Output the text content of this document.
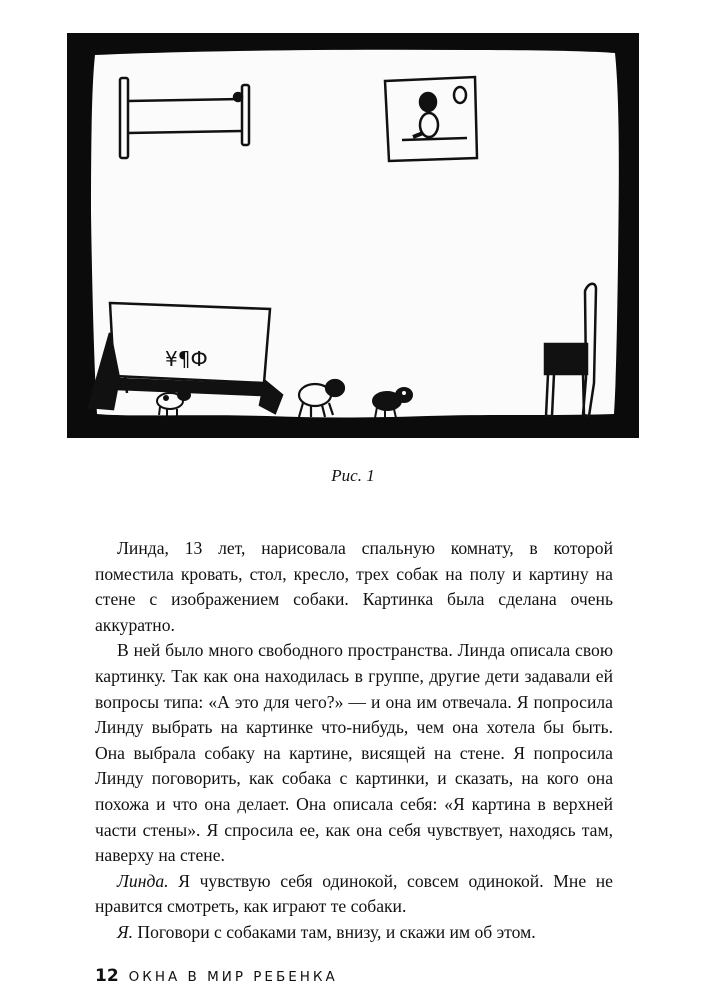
¥¶Ф
Рис. 1

Линда, 13 лет, нарисовала спальную комнату, в которой поместила кровать, стол, кресло, трех собак на полу и картину на стене с изображением собаки. Картинка была сделана очень аккуратно.

В ней было много свободного пространства. Линда описала свою картинку. Так как она находилась в группе, другие дети задавали ей вопросы типа: «А это для чего?» — и она им отвечала. Я попросила Линду выбрать на картинке что-нибудь, чем она хотела бы быть. Она выбрала собаку на картине, висящей на стене. Я попросила Линду поговорить, как собака с картинки, и сказать, на кого она похожа и что она делает. Она описала себя: «Я картина в верхней части стены». Я спросила ее, как она себя чувствует, находясь там, наверху на стене.

Линда. Я чувствую себя одинокой, совсем одинокой. Мне не нравится смотреть, как играют те собаки.

Я. Поговори с собаками там, внизу, и скажи им об этом.

12 ОКНА В МИР РЕБЕНКА
